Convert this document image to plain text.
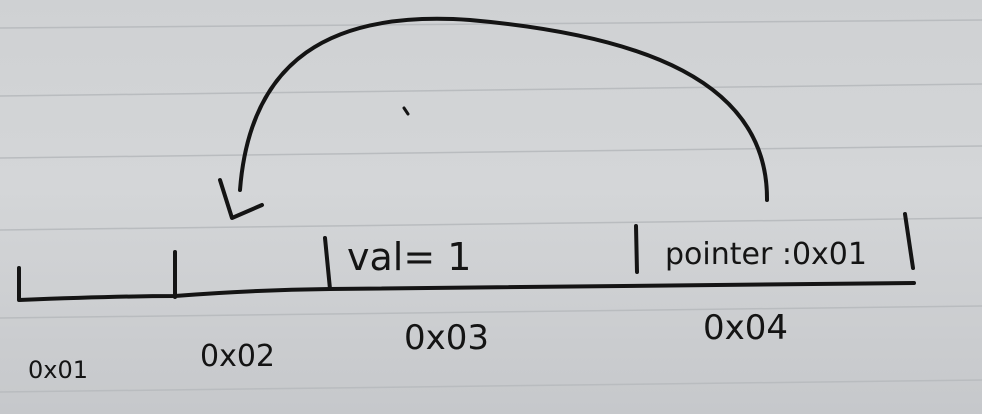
val= 1	pointer :0x01
0x01	0x02	0x03	0x04
